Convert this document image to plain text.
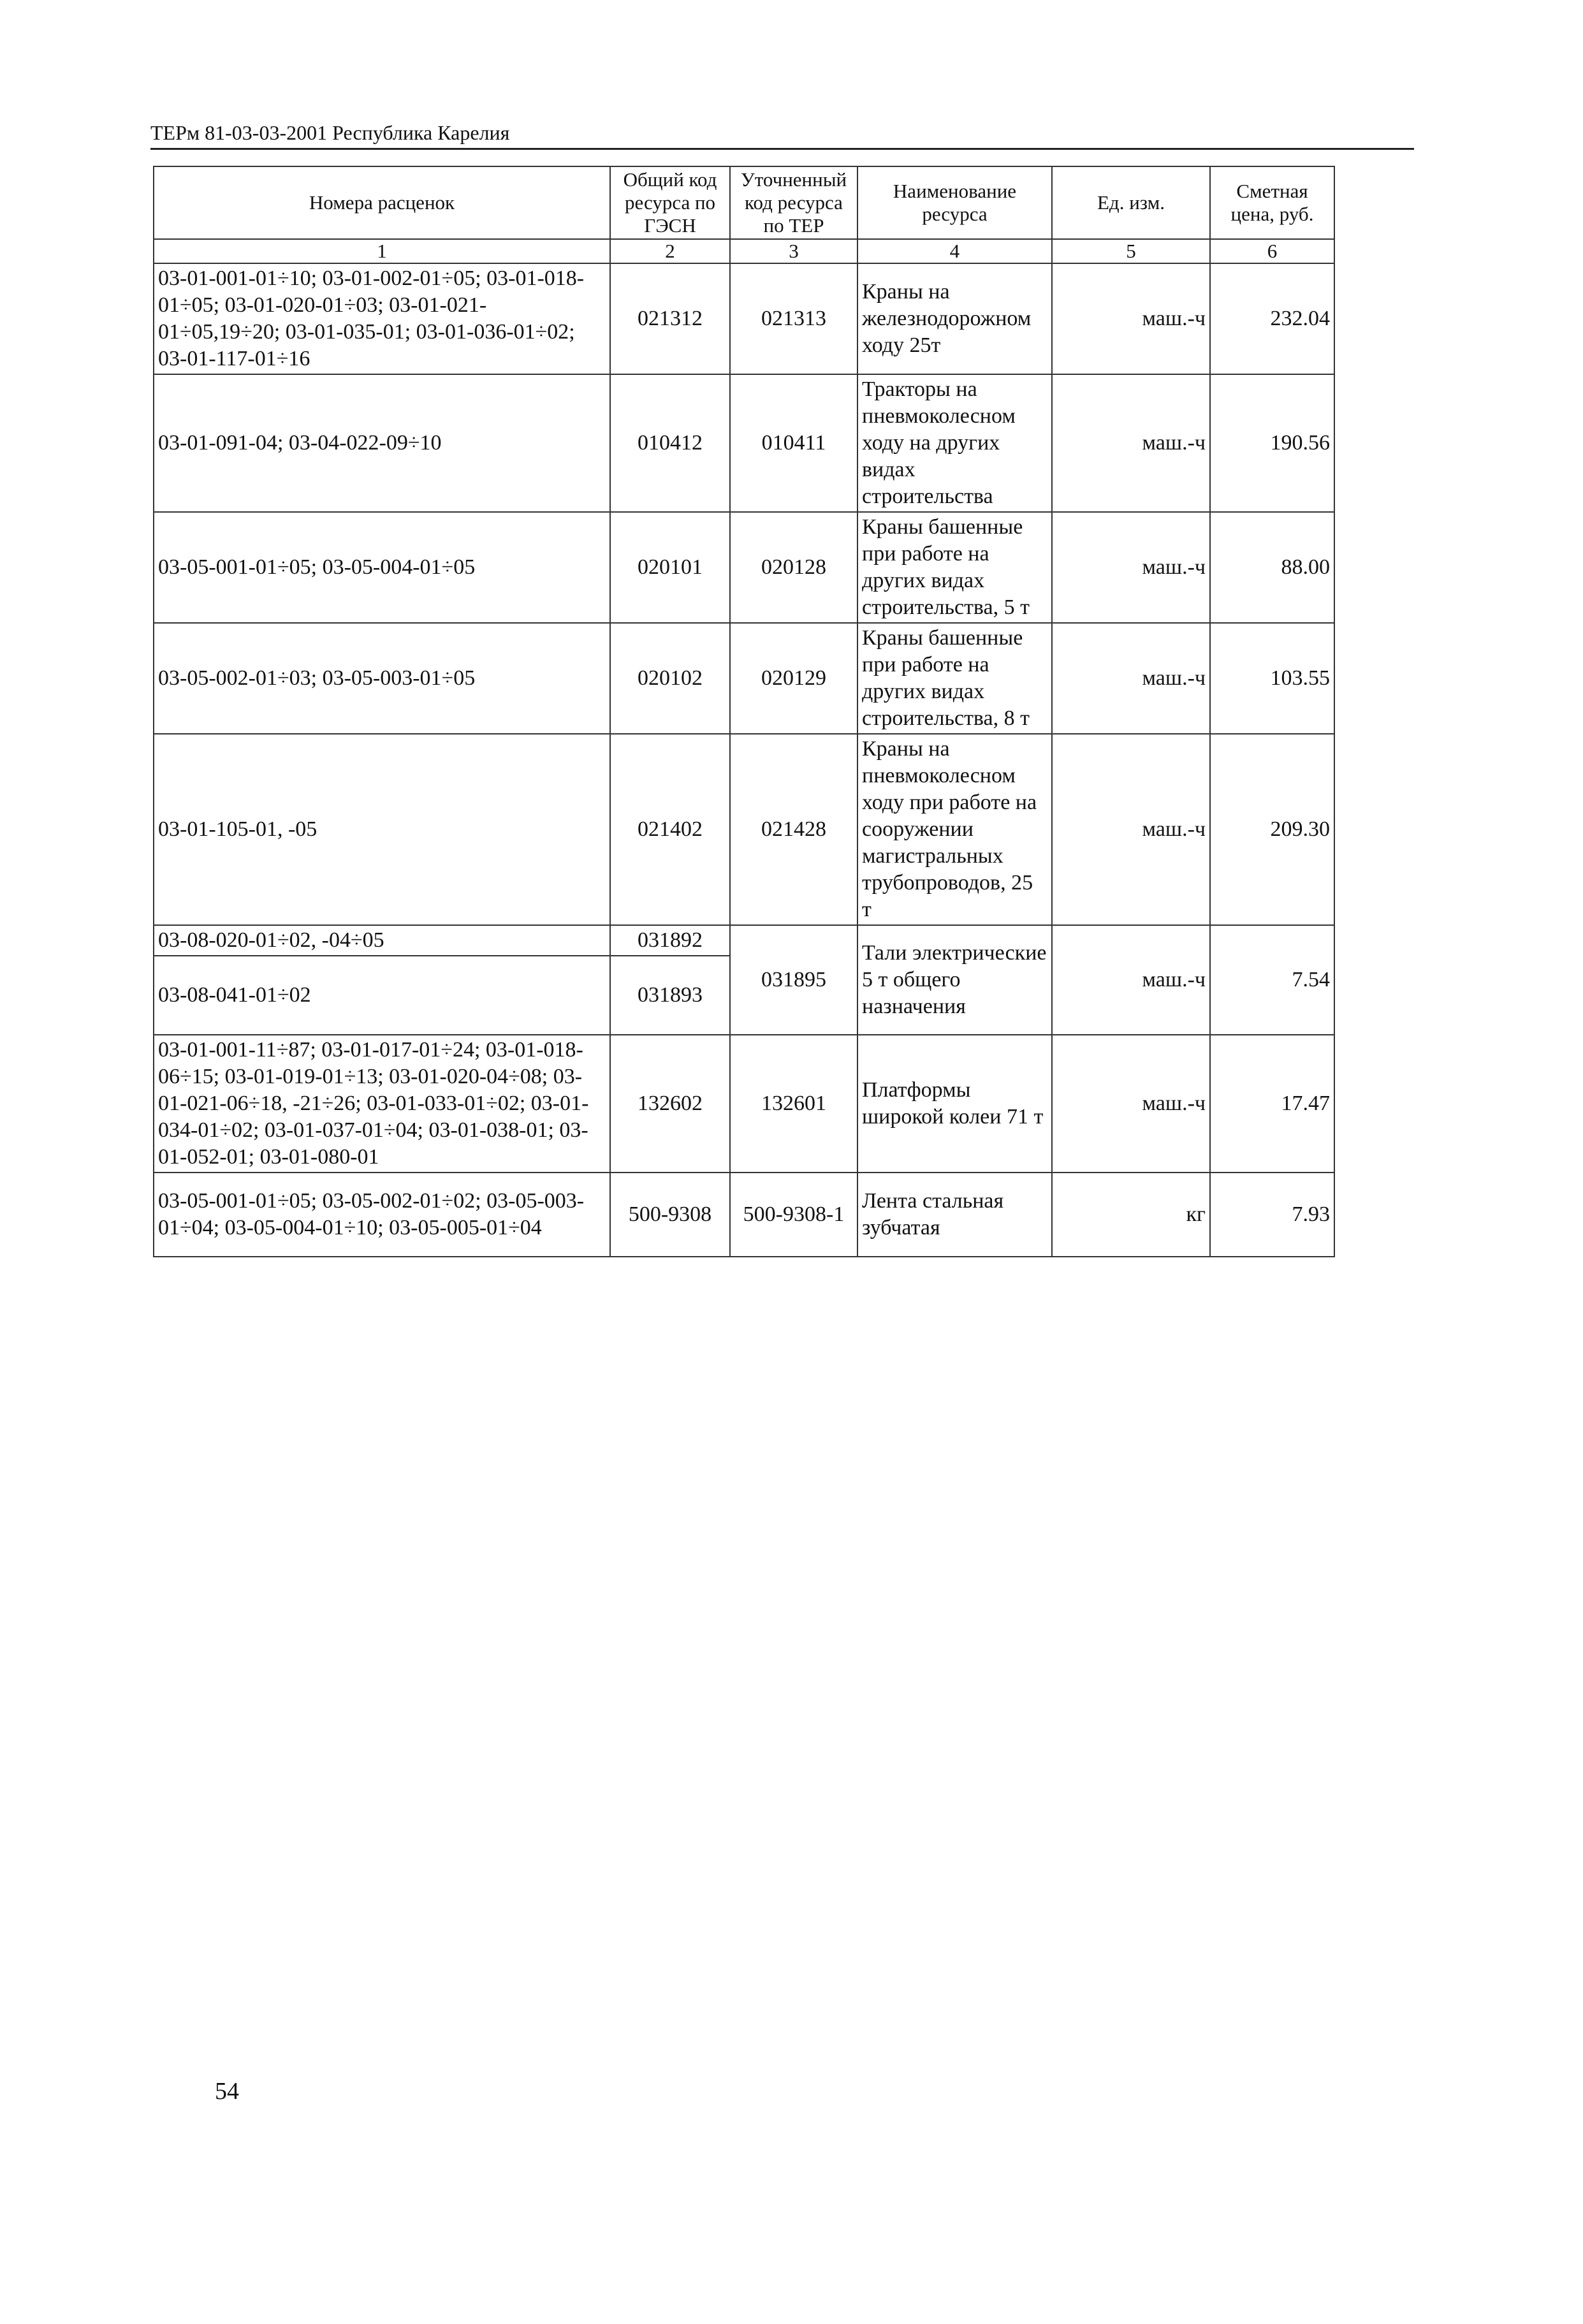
ТЕРм 81-03-03-2001 Республика Карелия
Номера расценок	Общий код ресурса по ГЭСН	Уточненный код ресурса по ТЕР	Наименование ресурса	Ед. изм.	Сметная цена, руб.
1	2	3	4	5	6
03-01-001-01÷10; 03-01-002-01÷05; 03-01-018-01÷05; 03-01-020-01÷03; 03-01-021-01÷05,19÷20; 03-01-035-01; 03-01-036-01÷02; 03-01-117-01÷16	021312	021313	Краны на железнодорожном ходу 25т	маш.-ч	232.04
03-01-091-04; 03-04-022-09÷10	010412	010411	Тракторы на пневмоколесном ходу на других видах строительства	маш.-ч	190.56
03-05-001-01÷05; 03-05-004-01÷05	020101	020128	Краны башенные при работе на других видах строительства, 5 т	маш.-ч	88.00
03-05-002-01÷03; 03-05-003-01÷05	020102	020129	Краны башенные при работе на других видах строительства, 8 т	маш.-ч	103.55
03-01-105-01, -05	021402	021428	Краны на пневмоколесном ходу при работе на сооружении магистральных трубопроводов, 25 т	маш.-ч	209.30
03-08-020-01÷02, -04÷05	031892	031895	Тали электрические 5 т общего назначения	маш.-ч	7.54
03-08-041-01÷02	031893				
03-01-001-11÷87; 03-01-017-01÷24; 03-01-018-06÷15; 03-01-019-01÷13; 03-01-020-04÷08; 03-01-021-06÷18, -21÷26; 03-01-033-01÷02; 03-01-034-01÷02; 03-01-037-01÷04; 03-01-038-01; 03-01-052-01; 03-01-080-01	132602	132601	Платформы широкой колеи 71 т	маш.-ч	17.47
03-05-001-01÷05; 03-05-002-01÷02; 03-05-003-01÷04; 03-05-004-01÷10; 03-05-005-01÷04	500-9308	500-9308-1	Лента стальная зубчатая	кг	7.93
54
